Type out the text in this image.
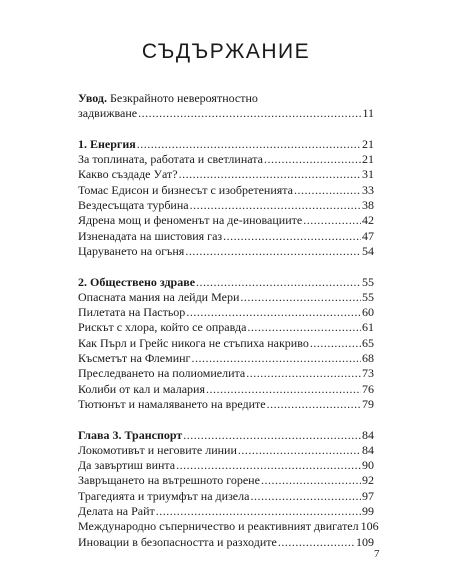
СЪДЪРЖАНИЕ
Увод. Безкрайното невероятностно
задвижване .....	11
1. Енергия .....	21
За топлината, работата и светлината .....	21
Какво създаде Уат? .....	31
Томас Едисон и бизнесът с изобретенията .....	33
Вездесъщата турбина .....	38
Ядрена мощ и феноменът на де-иновациите .....	42
Изненадата на шистовия газ .....	47
Царуването на огъня .....	54
2. Обществено здраве .....	55
Опасната мания на лейди Мери .....	55
Пилетата на Пастьор .....	60
Рискът с хлора, който се оправда .....	61
Как Пърл и Грейс никога не стъпиха накриво .....	65
Късметът на Флеминг .....	68
Преследването на полиомиелита .....	73
Колиби от кал и малария .....	76
Тютюнът и намаляването на вредите .....	79
Глава 3. Транспорт .....	84
Локомотивът и неговите линии .....	84
Да завъртиш винта .....	90
Завръщането на вътрешното горене .....	92
Трагедията и триумфът на дизела .....	97
Делата на Райт .....	99
Международно съперничество и реактивният двигател 106
Иновации в безопасността и разходите .....	109
7
